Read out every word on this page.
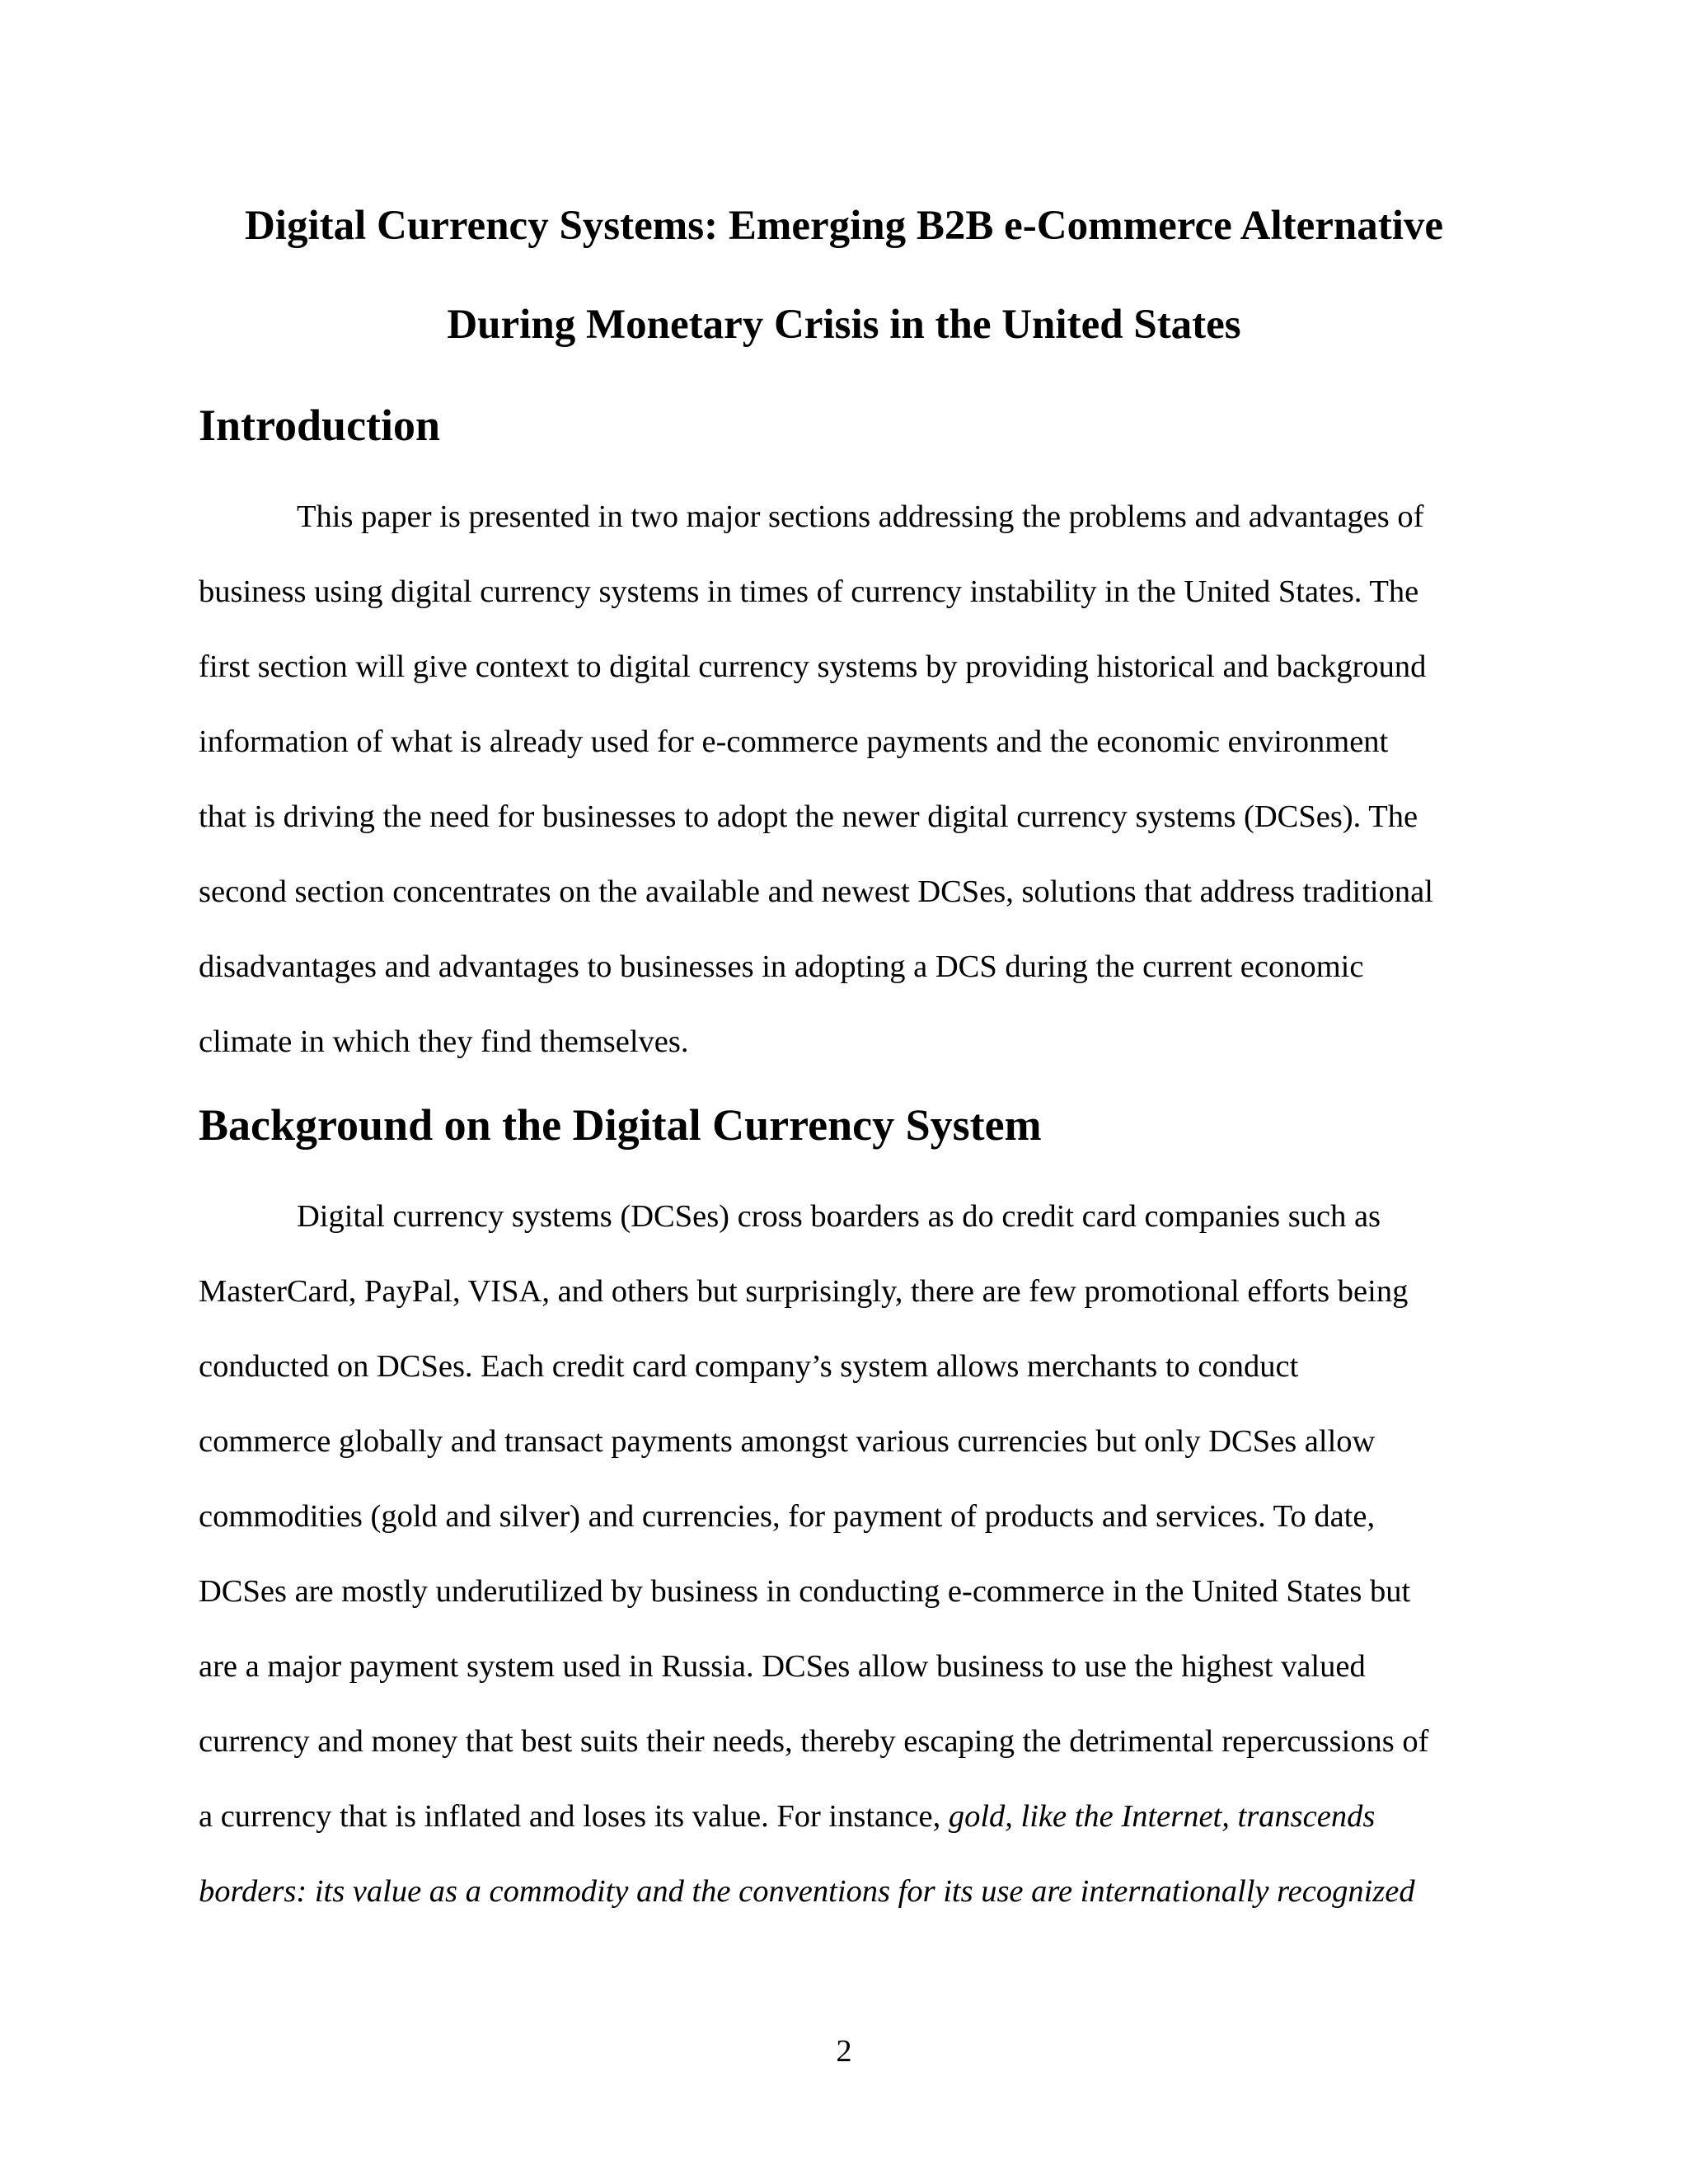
Digital Currency Systems: Emerging B2B e-Commerce Alternative
During Monetary Crisis in the United States
Introduction
This paper is presented in two major sections addressing the problems and advantages of
business using digital currency systems in times of currency instability in the United States. The
first section will give context to digital currency systems by providing historical and background
information of what is already used for e-commerce payments and the economic environment
that is driving the need for businesses to adopt the newer digital currency systems (DCSes). The
second section concentrates on the available and newest DCSes, solutions that address traditional
disadvantages and advantages to businesses in adopting a DCS during the current economic
climate in which they find themselves.
Background on the Digital Currency System
Digital currency systems (DCSes) cross boarders as do credit card companies such as
MasterCard, PayPal, VISA, and others but surprisingly, there are few promotional efforts being
conducted on DCSes. Each credit card company’s system allows merchants to conduct
commerce globally and transact payments amongst various currencies but only DCSes allow
commodities (gold and silver) and currencies, for payment of products and services. To date,
DCSes are mostly underutilized by business in conducting e-commerce in the United States but
are a major payment system used in Russia. DCSes allow business to use the highest valued
currency and money that best suits their needs, thereby escaping the detrimental repercussions of
a currency that is inflated and loses its value. For instance, gold, like the Internet, transcends
borders: its value as a commodity and the conventions for its use are internationally recognized
2
